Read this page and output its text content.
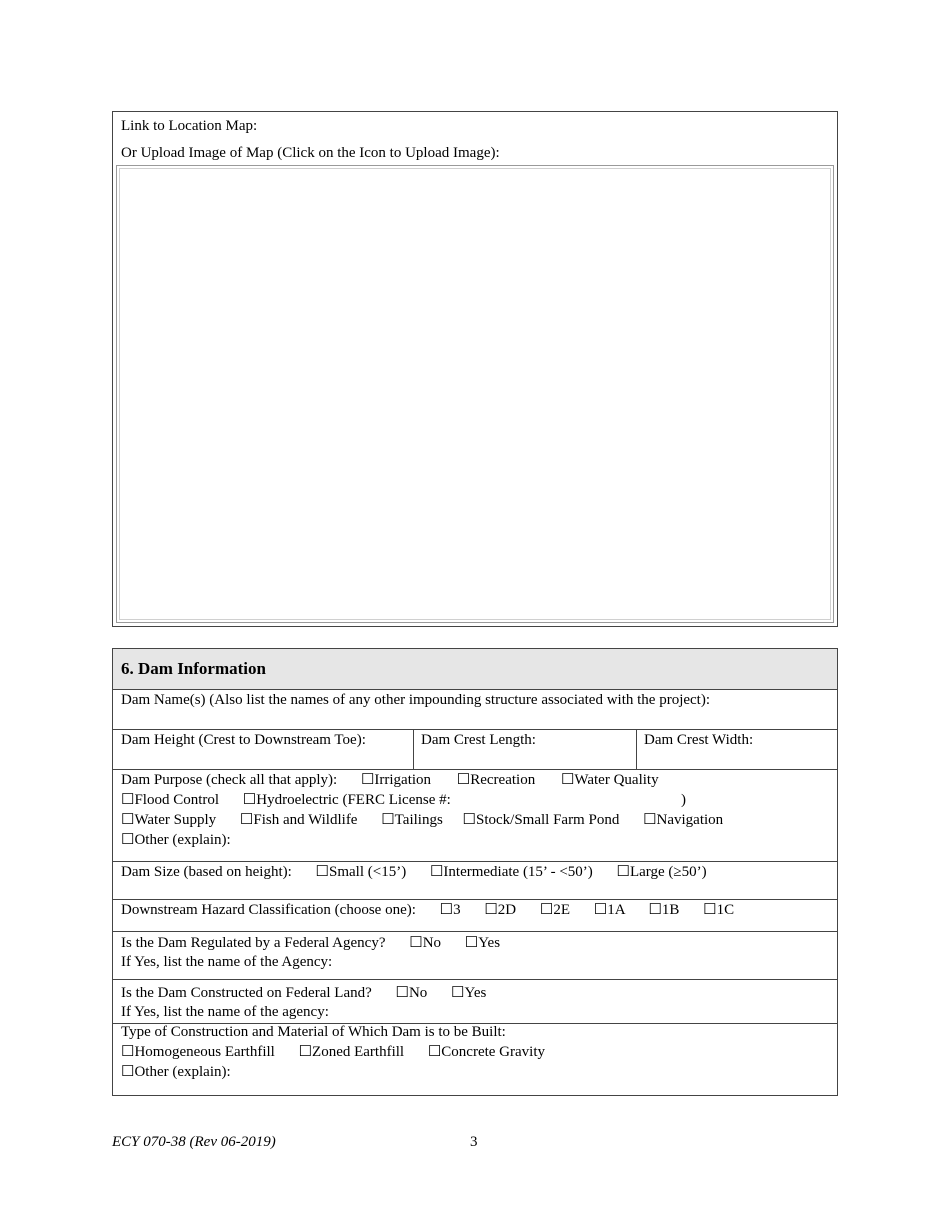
Link to Location Map:
Or Upload Image of Map (Click on the Icon to Upload Image):
6. Dam Information
Dam Name(s) (Also list the names of any other impounding structure associated with the project):
Dam Height (Crest to Downstream Toe):	Dam Crest Length:	Dam Crest Width:
Dam Purpose (check all that apply): ☐Irrigation ☐Recreation ☐Water Quality
☐Flood Control ☐Hydroelectric (FERC License #:	)
☐Water Supply ☐Fish and Wildlife ☐Tailings ☐Stock/Small Farm Pond ☐Navigation
☐Other (explain):
Dam Size (based on height): ☐Small (<15’) ☐Intermediate (15’ - <50’) ☐Large (≥50’)
Downstream Hazard Classification (choose one): ☐3 ☐2D ☐2E ☐1A ☐1B ☐1C
Is the Dam Regulated by a Federal Agency? ☐No ☐Yes
If Yes, list the name of the Agency:
Is the Dam Constructed on Federal Land? ☐No ☐Yes
If Yes, list the name of the agency:
Type of Construction and Material of Which Dam is to be Built:
☐Homogeneous Earthfill ☐Zoned Earthfill ☐Concrete Gravity
☐Other (explain):
ECY 070-38 (Rev 06-2019)	3
